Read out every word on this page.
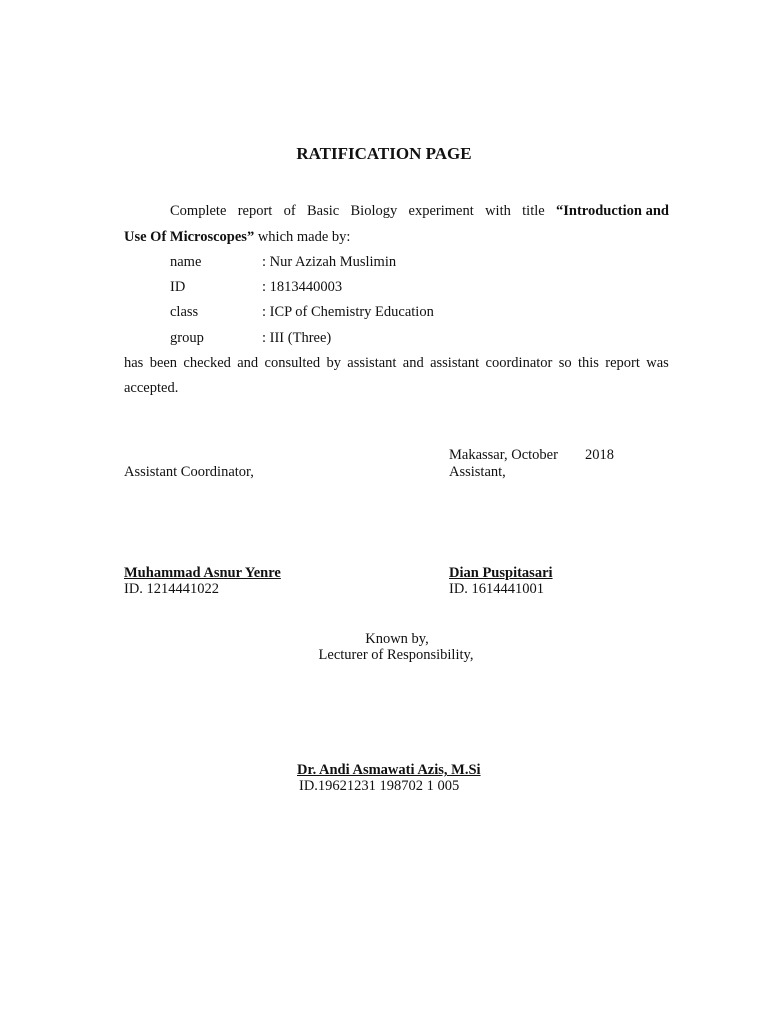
RATIFICATION PAGE
Complete report of Basic Biology experiment with title “Introduction and
Use Of Microscopes” which made by:
name	: Nur Azizah Muslimin
ID	: 1813440003
class	: ICP of Chemistry Education
group	: III (Three)
has been checked and consulted by assistant and assistant coordinator so this report was
accepted.
Makassar, October 2018
Assistant Coordinator,	Assistant,
Muhammad Asnur Yenre
ID. 1214441022
Dian Puspitasari
ID. 1614441001
Known by,
Lecturer of Responsibility,
Dr. Andi Asmawati Azis, M.Si
ID.19621231 198702 1 005
